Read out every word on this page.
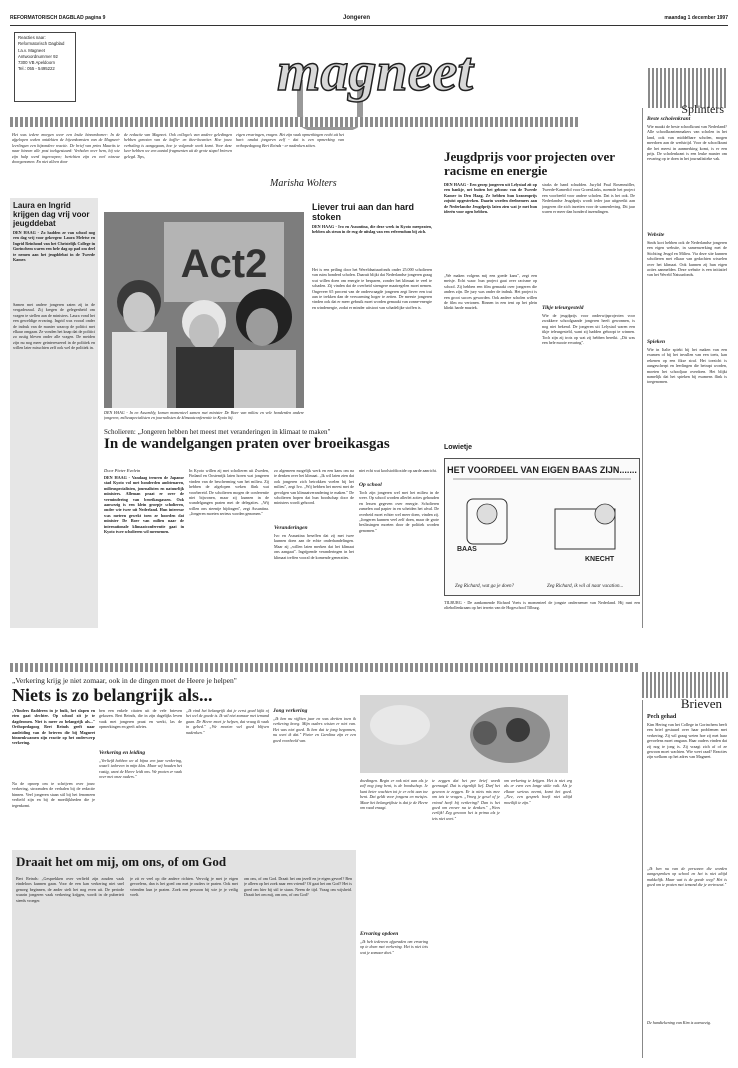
REFORMATORISCH DAGBLAD pagina 9	Jongeren	maandag 1 december 1997
Reacties naar:
Reformatorisch Dagblad
t.a.v. Magneet
Antwoordnummer 92
7300 VB Apeldoorn
Tel.: 055 - 5495222	magneet
Het was iedere morgen weer een leuke binnenkomer: In de afgelopen weken ontdekten de bijeenkomsten van de Magneet-leerlingen een bijzondere reactie. De brief van prins Maurits te naar binnen alle post toekgestuurd: Verhalen over hem, bij wie zijn hulp werd ingeroepen; berichten zijn en veel nieuwe doorgenomen. En niet alleen door
de redactie van Magneet. Ook collega's van andere geledingen hebben genoten van de koffie- en thee-kwartier. Hoe jouw verhaling is aangegaan, hoe je volgende week komt. Voor deze keer hebben we een aantal fragmenten uit de grote stapel brieven gelegd. Tips,
eigen ervaringen, vragen. Het zijn vaak opmerkingen recht uit het hart: omdat jongeren zelf - dat is een opmerking van orthopedagoog Bert Reinds - er nadenken zitten.
Marisha Wolters
Splinters
Beste scholenkrant
Wie maakt de beste schoolkrant van Nederland? Alle schoolkrantenmakers van scholen in het land, ook van middelbare scholen, mogen meedoen aan de wedstrijd. Voor de schoolkrant die het meest in aanmerking komt, is er een prijs. De scholenkrant is een leuke manier om ervaring op te doen in het journalistieke vak.
Website
Sinds kort hebben ook de Nederlandse jongeren een eigen website, in samenwerking met de Stichting Jeugd en Milieu. Via deze site kunnen scholieren met elkaar van gedachten wisselen over het klimaat. Ook kunnen zij hun eigen acties aanmelden. Deze website is een initiatief van het Wereld Natuurfonds.
Spieken
Wie in Italie spiekt bij het maken van een examen of bij het invullen van een toets, kan rekenen op een fikse straf. Het toezicht is aangescherpt en leerlingen die betrapt worden, moeten het schooljaar overdoen. Het blijkt namelijk dat het spieken bij examens flink is toegenomen.
Laura en Ingrid krijgen dag vrij voor jeugddebat
DEN HAAG - Zo hadden ze van school nog een dag vrij voor gekregen: Laura Meletse en Ingrid Reinhoud van het Christelijk College in Gorinchem waren een hele dag op pad om deel te nemen aan het jeugddebat in de Tweede Kamer.
Samen met andere jongeren zaten zij in de vergaderzaal. Zij kregen de gelegenheid om vragen te stellen aan de ministers. Laura vond het een geweldige ervaring. Ingrid was vooral onder de indruk van de manier waarop de politici met elkaar omgaan. Ze vonden het knap dat de politici zo rustig bleven onder alle vragen. De meiden zijn nu nog meer geinteresseerd in de politiek en willen later misschien zelf ook wel de politiek in.
Act2
DEN HAAG - In en Assembly, komen momenteel samen met minister De Boer van milieu en vele honderden andere jongeren, milieuspecialisten en journalisten de klimaatconferentie in Kyoto bij.
Liever trui aan dan hard stoken
DEN HAAG - Ivo en Assuntina, die deze week in Kyoto meepraten, hebben als steun in de rug de uitslag van een referendum bij zich.
Het is een peiling door het Wereldnatuurfonds onder 25.000 scholieren van ruim honderd scholen. Daaruit blijkt dat Nederlandse jongeren graag wat willen doen om energie te besparen, zonder het klimaat te veel te schaden. Zij vinden dat de overheid strengere maatregelen moet nemen. Ongeveer 65 procent van de ondervraagde jongeren zegt liever een trui aan te trekken dan de verwarming hoger te zetten. De meeste jongeren vinden ook dat er meer gebruik moet worden gemaakt van zonne-energie en windenergie, zodat er minder uitstoot van schadelijke stoffen is.
Scholieren: „Jongeren hebben het meest met veranderingen in klimaat te maken"
In de wandelgangen praten over broeikasgas
Door Pieter Evelein
DEN HAAG - Vandaag treuren de Japanse stad Kyoto vol met honderden ambtenaren, milieuspecialisten, journalisten en natuurlijk ministers. Alleman praat er over de vermindering van broeikasgassen. Ook aanwezig is een klein groepje scholieren, onder wie twee uit Nederland. Hun interesse was meteen gewekt toen ze hoorden dat minister De Boer van milieu naar de internationale klimaatconferentie gaat in Kyoto twee scholieren wil meenemen.
In Kyoto willen zij met scholieren uit Zweden, Finland en Oostenrijk laten horen wat jongeren vinden van de bescherming van het milieu. Zij hebben de afgelopen weken flink wat voorbereid. De scholieren mogen de conferentie niet bijwonen, maar zij kunnen in de wandelgangen praten met de delegaties. „Wij willen ons steentje bijdragen", zegt Assuntina. „Jongeren moeten serieus worden genomen."
zo algemeen mogelijk werk en een kans om na te denken over het klimaat. „Ik wil laten zien dat ook jongeren zich betrokken voelen bij het milieu", zegt Ivo. „Wij hebben het meest met de gevolgen van klimaatverandering te maken." De scholieren hopen dat hun boodschap door de ministers wordt gehoord.
Veranderingen
Ivo en Assuntina beseffen dat zij met twee kunnen doen aan de echte onderhandelingen. Maar zij „willen laten merken dat het klimaat ons aangaat". Ingrijpende veranderingen in het klimaat treffen vooral de komende generaties.
niet echt wat koolstofdioxide op aarde aanricht.
Op school
Toch zijn jongeren wel met het milieu in de weer. Op school worden allerlei acties gehouden en lessen gegeven over energie. Scholieren zamelen oud papier in en scheiden het afval. De overheid moet echter wel meer doen, vinden zij. „Jongeren kunnen veel zelf doen, maar de grote beslissingen moeten door de politiek worden genomen."
Jeugdprijs voor projecten over racisme en energie
DEN HAAG - Een groep jongeren uit Lelystad zit op een bankje, net buiten het gebouw van de Tweede Kamer in Den Haag. Ze hebben hun kranenprijs zojuist opgestreken. Daarin worden deelnemers aan de Nederlandse Jeugdprijs laten zien wat je met hun ideeën voor ogen hebben.
„We maken volgens mij een goede kans", zegt een meisje. Echt waar: hun project gaat over racisme op school. Zij hebben een film gemaakt over jongeren die anders zijn. De jury was onder de indruk. Het project is een groot succes geworden. Ook andere scholen willen de film nu vertonen. Rinnen in een tent op het plein klinkt harde muziek.
straks de hand schudden. Jurylid Paul Rosenmöller, Tweede-Kamerlid voor GroenLinks, noemde het project een voorbeeld voor andere scholen. Dat is het ook. De Nederlandse Jeugdprijs wordt ieder jaar uitgereikt aan jongeren die zich inzetten voor de samenleving. Dit jaar waren er meer dan honderd inzendingen.
Tikje teleurgesteld
Wie de jeugdprijs voor onderwijsprojecten voor zwakkere schoolgaande jongeren heeft gewonnen, is nog niet bekend. De jongeren uit Lelystad waren een tikje teleurgesteld, want zij hadden gehoopt te winnen. Toch zijn zij trots op wat zij hebben bereikt. „Dit was een hele mooie ervaring".
Lowietje
HET VOORDEEL VAN EIGEN BAAS ZIJN.......
BAAS
KNECHT
Zeg Richard, wat ga je doen?	Zeg Richard, ik wil al naar vacation...
TILBURG - De aankomende Richard Voets is momenteel de jongste ondernemer van Nederland. Hij runt een oliebollenkraam op het terrein van de Hogeschool Tilburg.
„Verkering krijg je niet zomaar, ook in de dingen moet de Heere je helpen"
Niets is zo belangrijk als...
„Vlinders fladderen in je buik, het slapen en eten gaat slechter. Op school zit je te dagdromen. Niet is meer zo belangrijk als..." Orthopedagoog Bert Reinds geeft naar aanleiding van de brieven die bij Magneet binnenkwamen zijn reactie op het onderwerp verkering.
Na de oproep om te schrijven over jouw verkering, stroomden de verhalen bij de redactie binnen. Veel jongeren staan stil bij het fenomeen verliefd zijn en bij de moeilijkheden die je tegenkomt.
ben een enkele citaten uit de vele brieven gekozen. Bert Reinds, die in zijn dagelijks leven vaak met jongeren praat en werkt, las de opmerkingen en geeft advies.
Verkering en leiding
„Verliefd hebben we al bijna een jaar verkering, wasn't iedereen in mijn klas. Maar wij houden het rustig, want de Heere leidt ons. We praten er vaak over met onze ouders."
„Ik vind het belangrijk dat je eerst goed kijkt of het wel de goede is. Ik wil niet zomaar met iemand gaan. De Heere moet je helpen, dat vraag ik vaak in gebed." „We moeten wel goed blijven nadenken."
Jong verkering
„Ik ben nu vijftien jaar en was dertien toen ik verkering kreeg. Mijn ouders wisten er niet van. Het was niet goed. Ik ben dat te jong begonnen, nu weet ik dat." Pieter en Carolina zijn er een goed voorbeeld van.
doedingen. Begin er ook niet aan als je zelf nog jong bent, is de boodschap. Je kunt beter wachten tot je er echt aan toe bent. Dat geldt voor jongens en meisjes. Maar het belangrijkste is dat je de Heere om raad vraagt.
Ervaring opdoen
„Ik heb iedereen afgeraden om ervaring op te doen met verkering. Het is niet iets wat je zomaar doet."
te zeggen dat het per brief wordt gevraagd. Dat is eigenlijk lief. Durf het gewoon te zeggen. Er is niets mis mee om iets te vragen. „Vroeg je gesel of je vriend heeft bij verkering? Dan is het goed om erover na te denken." „Wees eerlijk! Zeg gewoon het is prima als je iets niet weet."
om verkering te krijgen. Het is niet erg als er even een lange stilte valt. Als je elkaar serieus neemt, komt het goed. „Nee, een gesprek hoeft niet altijd moeilijk te zijn."
Brieven
Pech gehad
Kim Hering van het College in Gorinchem heeft een brief gestuurd over haar problemen met verkering. Zij wil graag weten hoe zij met haar gevoelens moet omgaan. Haar ouders vinden dat zij nog te jong is. Zij vraagt zich af of ze gewoon moet wachten. Wie weet raad? Reacties zijn welkom op het adres van Magneet.
„Ik ben nu van de personen die worden aangesproken op school en het is niet altijd makkelijk. Maar wat is de goede weg? Het is goed om te praten met iemand die je vertrouwt."
De handtekening van Kim is aanwezig.
Draait het om mij, om ons, of om God
Bert Reinds: „Gesprekken over verliefd zijn zouden vaak eindeloos kunnen gaan. Voor de een kan verkering niet snel genoeg beginnen, de ander stelt het nog even uit. De periode waarin jongeren vaak verkering krijgen, wordt in de puberteit steeds vroeger.
je zit er veel op die andere richten. Vervolg je met je eigen gevoelens, dan is het goed om met je ouders te praten. Ook met vrienden kun je praten. Zoek een persoon bij wie je je veilig voelt.
om ons, of om God. Draait het om jezelf en je eigen gevoel? Ben je alleen op het zoek naar een vriend? Of gaat het om God? Het is goed om hier bij stil te staan. Neem de tijd. Vraag om wijsheid. Draait het om mij, om ons, of om God?
